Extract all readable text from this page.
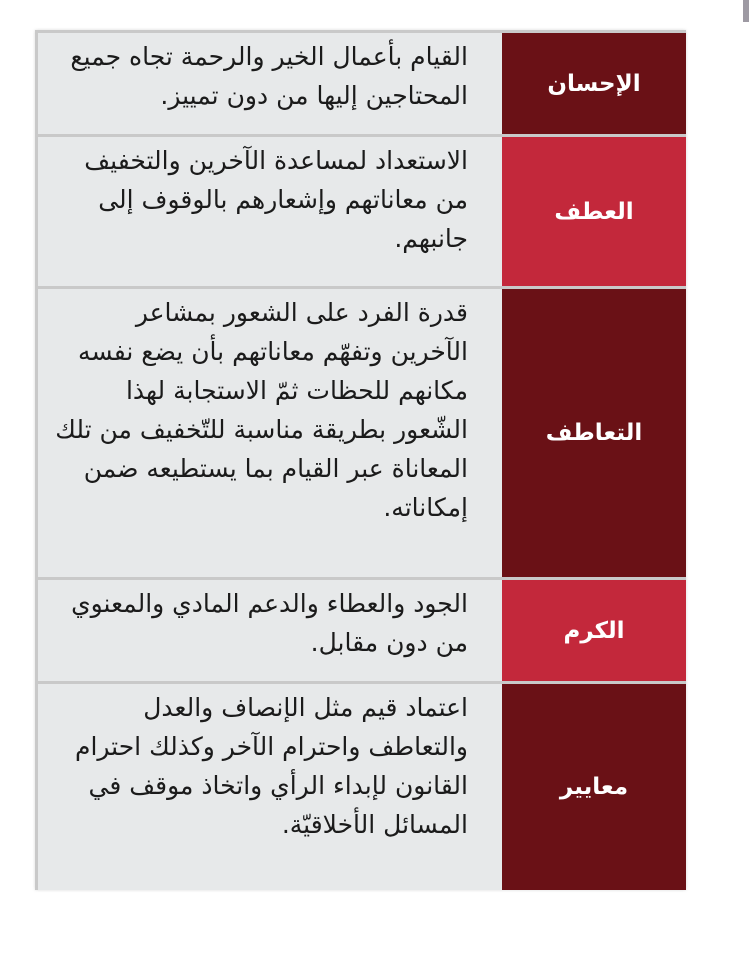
القيام بأعمال الخير والرحمة تجاه جميع المحتاجين إليها من دون تمييز.	الإحسان
الاستعداد لمساعدة الآخرين والتخفيف من معاناتهم وإشعارهم بالوقوف إلى جانبهم.
العطف
قدرة الفرد على الشعور بمشاعر الآخرين وتفهّم معاناتهم بأن يضع نفسه مكانهم للحظات ثمّ الاستجابة لهذا الشّعور بطريقة مناسبة للتّخفيف من تلك المعاناة عبر القيام بما يستطيعه ضمن إمكاناته.
التعاطف
الجود والعطاء والدعم المادي والمعنوي من دون مقابل.	الكرم
اعتماد قيم مثل الإنصاف والعدل والتعاطف واحترام الآخر وكذلك احترام القانون لإبداء الرأي واتخاذ موقف في المسائل الأخلاقيّة.
معايير
